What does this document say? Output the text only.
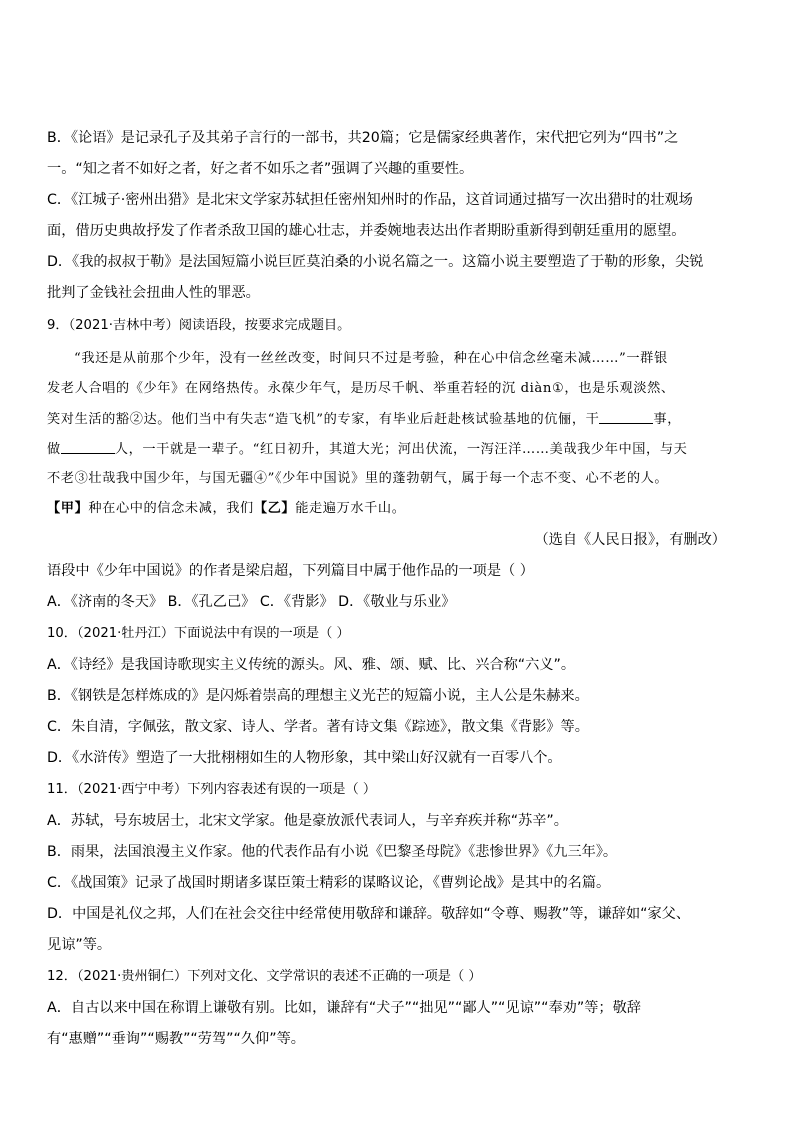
B．《论语》是记录孔子及其弟子言行的一部书，共20篇；它是儒家经典著作，宋代把它列为“四书”之
一。“知之者不如好之者，好之者不如乐之者”强调了兴趣的重要性。
C．《江城子·密州出猎》是北宋文学家苏轼担任密州知州时的作品，这首词通过描写一次出猎时的壮观场
面，借历史典故抒发了作者杀敌卫国的雄心壮志，并委婉地表达出作者期盼重新得到朝廷重用的愿望。
D．《我的叔叔于勒》是法国短篇小说巨匠莫泊桑的小说名篇之一。这篇小说主要塑造了于勒的形象，尖锐
批判了金钱社会扭曲人性的罪恶。
9．（2021·吉林中考）阅读语段，按要求完成题目。
“我还是从前那个少年，没有一丝丝改变，时间只不过是考验，种在心中信念丝毫未减……”一群银
发老人合唱的《少年》在网络热传。永葆少年气，是历尽千帆、举重若轻的沉 diàn①，也是乐观淡然、
笑对生活的豁②达。他们当中有失志“造飞机”的专家，有毕业后赶赴核试验基地的伉俪，干	事，
做	人，一干就是一辈子。“红日初升，其道大光；河出伏流，一泻汪洋……美哉我少年中国，与天
不老③壮哉我中国少年，与国无疆④”《少年中国说》里的蓬勃朝气，属于每一个志不变、心不老的人。
【甲】种在心中的信念未减，我们【乙】能走遍万水千山。
（选自《人民日报》，有删改）
语段中《少年中国说》的作者是梁启超，下列篇目中属于他作品的一项是（ ）
A．《济南的冬天》 B．《孔乙己》 C．《背影》 D．《敬业与乐业》
10．（2021·牡丹江）下面说法中有误的一项是（ ）
A．《诗经》是我国诗歌现实主义传统的源头。风、雅、颂、赋、比、兴合称“六义”。
B．《钢铁是怎样炼成的》是闪烁着崇高的理想主义光芒的短篇小说，主人公是朱赫来。
C．朱自清，字佩弦，散文家、诗人、学者。著有诗文集《踪迹》，散文集《背影》等。
D．《水浒传》塑造了一大批栩栩如生的人物形象，其中梁山好汉就有一百零八个。
11．（2021·西宁中考）下列内容表述有误的一项是（ ）
A．苏轼，号东坡居士，北宋文学家。他是豪放派代表词人，与辛弃疾并称“苏辛”。
B．雨果，法国浪漫主义作家。他的代表作品有小说《巴黎圣母院》《悲惨世界》《九三年》。
C．《战国策》记录了战国时期诸多谋臣策士精彩的谋略议论，《曹刿论战》是其中的名篇。
D．中国是礼仪之邦，人们在社会交往中经常使用敬辞和谦辞。敬辞如“令尊、赐教”等，谦辞如“家父、
见谅”等。
12．（2021·贵州铜仁）下列对文化、文学常识的表述不正确的一项是（ ）
A．自古以来中国在称谓上谦敬有别。比如，谦辞有“犬子”“拙见”“鄙人”“见谅”“奉劝”等；敬辞
有“惠赠”“垂询”“赐教”“劳驾”“久仰”等。
